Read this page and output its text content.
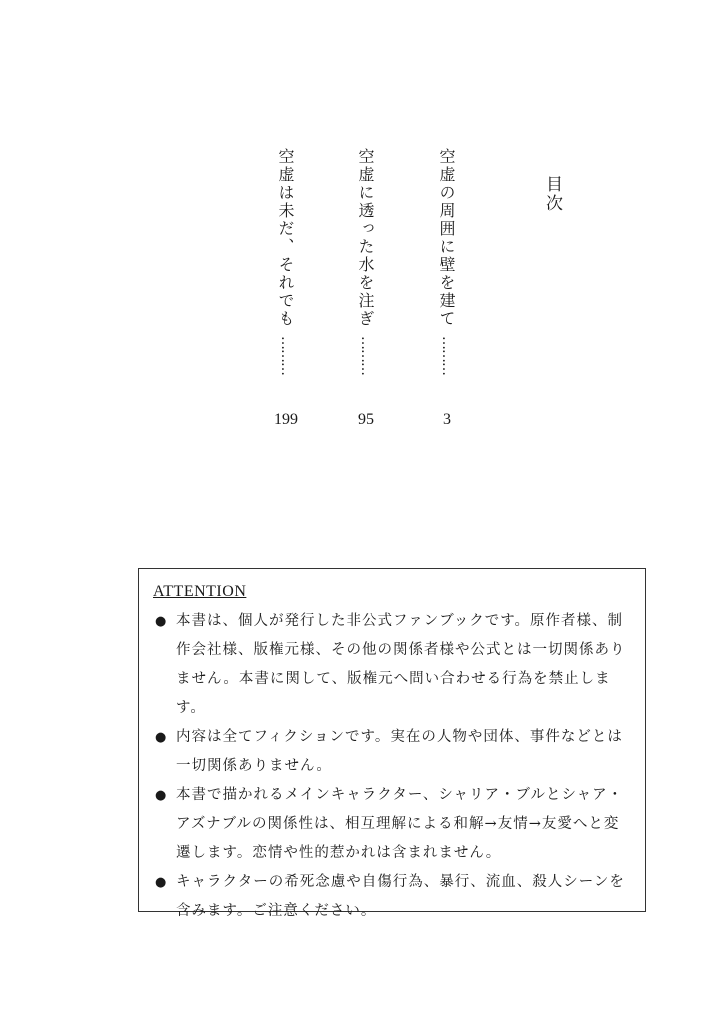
目次
空虚の周囲に壁を建て
………
3
空虚に透った水を注ぎ
………
95
空虚は未だ、それでも
………
199
ATTENTION
● 本書は、個人が発行した非公式ファンブックです。原作者様、制作会社様、版権元様、その他の関係者様や公式とは一切関係ありません。本書に関して、版権元へ問い合わせる行為を禁止します。
● 内容は全てフィクションです。実在の人物や団体、事件などとは一切関係ありません。
● 本書で描かれるメインキャラクター、シャリア・ブルとシャア・アズナブルの関係性は、相互理解による和解→友情→友愛へと変遷します。恋情や性的惹かれは含まれません。
● キャラクターの希死念慮や自傷行為、暴行、流血、殺人シーンを含みます。ご注意ください。
